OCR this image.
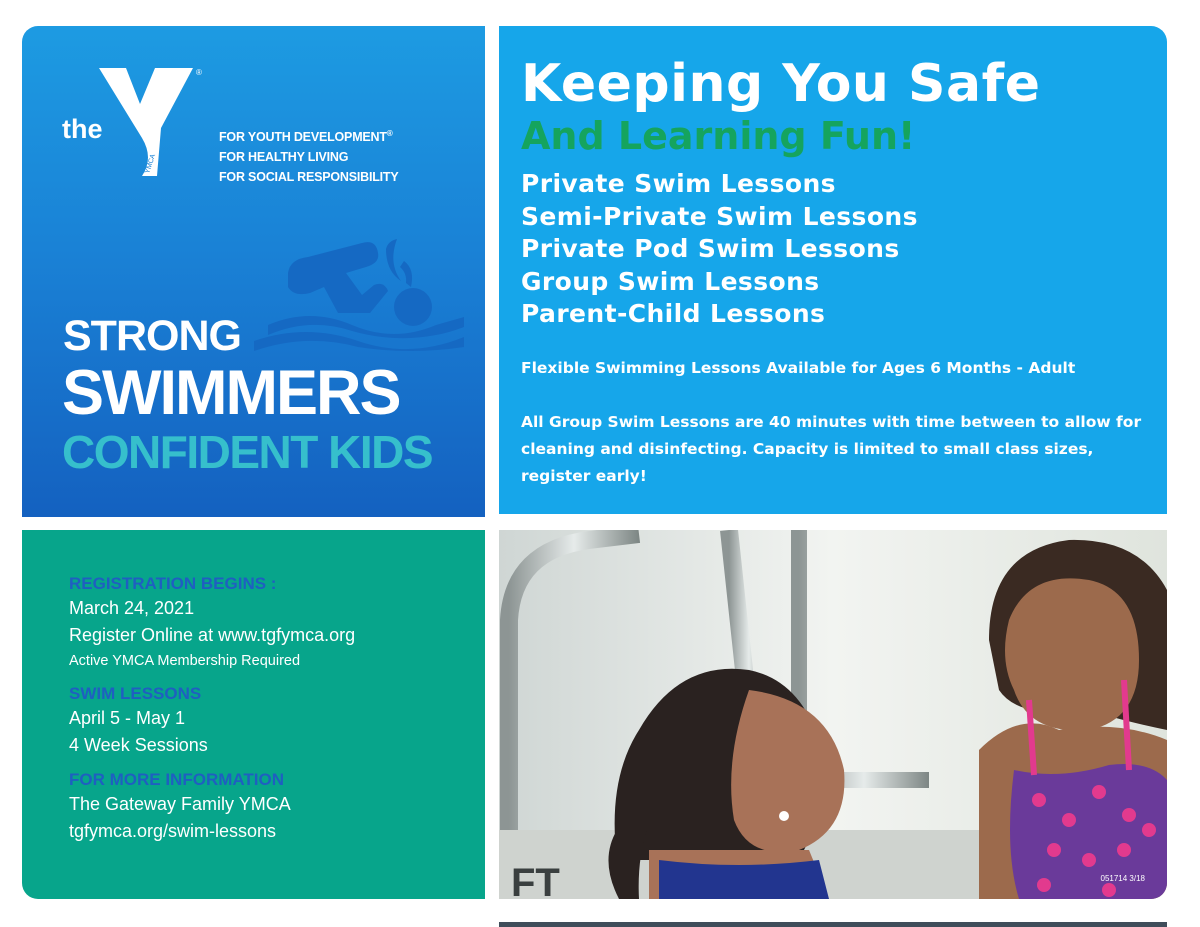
the
®
YMCA
FOR YOUTH DEVELOPMENT®
FOR HEALTHY LIVING
FOR SOCIAL RESPONSIBILITY
STRONG
SWIMMERS
CONFIDENT KIDS
Keeping You Safe
And Learning Fun!
Private Swim Lessons
Semi-Private Swim Lessons
Private Pod Swim Lessons
Group Swim Lessons
Parent-Child Lessons
Flexible Swimming Lessons Available for Ages 6 Months - Adult
All Group Swim Lessons are 40 minutes with time between to allow for cleaning and disinfecting. Capacity is limited to small class sizes, register early!
REGISTRATION BEGINS :
March 24, 2021
Register Online at www.tgfymca.org
Active YMCA Membership Required
SWIM LESSONS
April 5 - May 1
4 Week Sessions
FOR MORE INFORMATION
The Gateway Family YMCA
tgfymca.org/swim-lessons
FT	051714 3/18
